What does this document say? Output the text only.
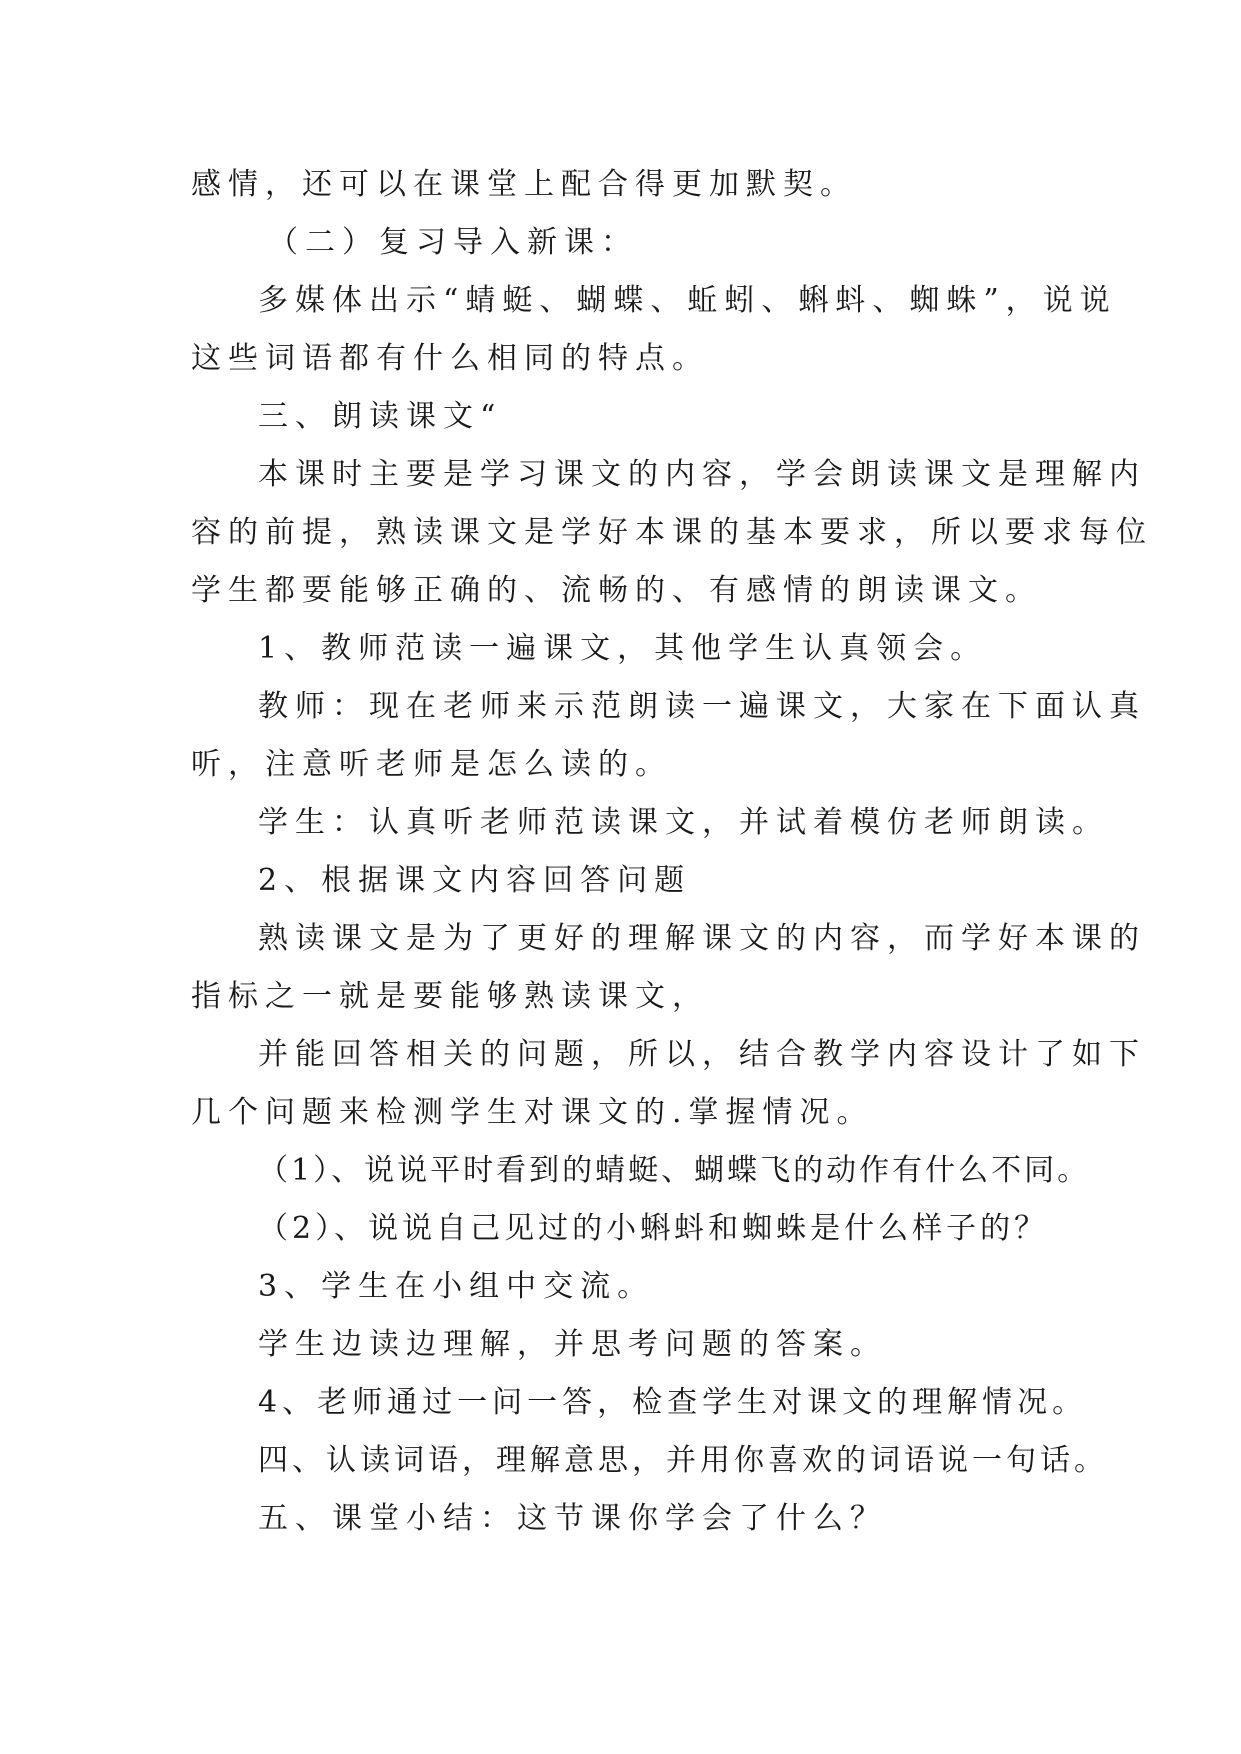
感情，还可以在课堂上配合得更加默契。
（二）复习导入新课：
多媒体出示“蜻蜓、蝴蝶、蚯蚓、蝌蚪、蜘蛛”，说说
这些词语都有什么相同的特点。
三、朗读课文“
本课时主要是学习课文的内容，学会朗读课文是理解内
容的前提，熟读课文是学好本课的基本要求，所以要求每位
学生都要能够正确的、流畅的、有感情的朗读课文。
1、教师范读一遍课文，其他学生认真领会。
教师：现在老师来示范朗读一遍课文，大家在下面认真
听，注意听老师是怎么读的。
学生：认真听老师范读课文，并试着模仿老师朗读。
2、根据课文内容回答问题
熟读课文是为了更好的理解课文的内容，而学好本课的
指标之一就是要能够熟读课文，
并能回答相关的问题，所以，结合教学内容设计了如下
几个问题来检测学生对课文的.掌握情况。
（1）、说说平时看到的蜻蜓、蝴蝶飞的动作有什么不同。
（2）、说说自己见过的小蝌蚪和蜘蛛是什么样子的？
3、学生在小组中交流。
学生边读边理解，并思考问题的答案。
4、老师通过一问一答，检查学生对课文的理解情况。
四、认读词语，理解意思，并用你喜欢的词语说一句话。
五、课堂小结：这节课你学会了什么？
